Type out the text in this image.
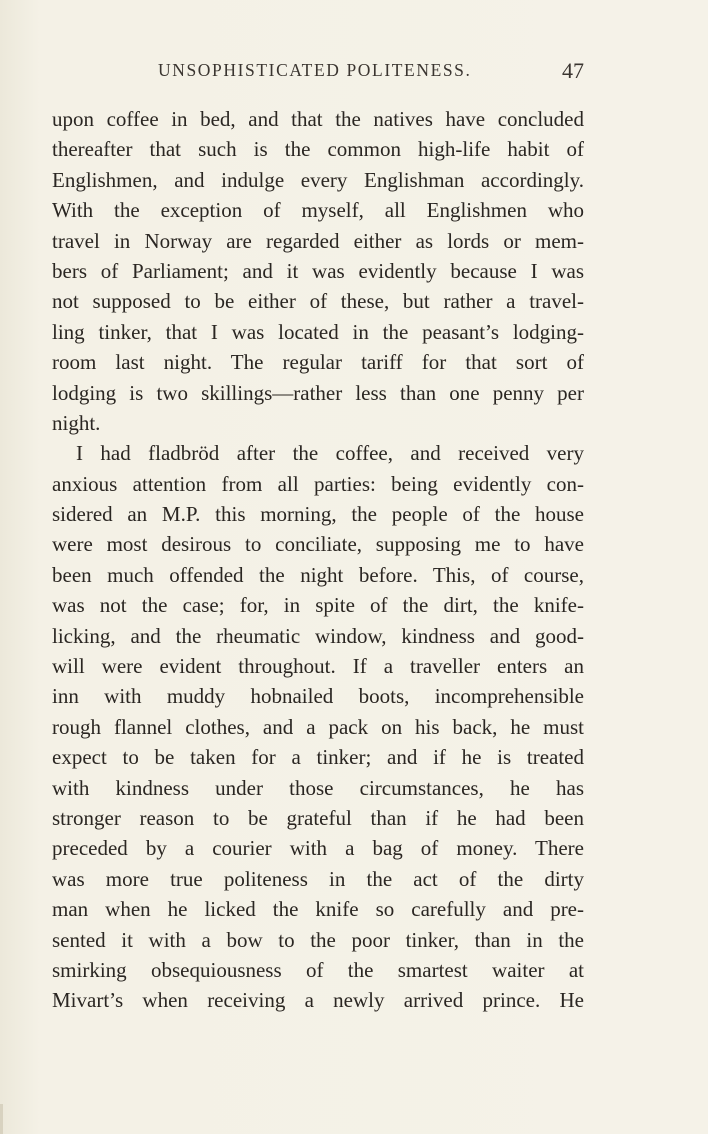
UNSOPHISTICATED POLITENESS.	47
upon coffee in bed, and that the natives have concluded
thereafter that such is the common high-life habit of
Englishmen, and indulge every Englishman accordingly.
With the exception of myself, all Englishmen who
travel in Norway are regarded either as lords or mem-
bers of Parliament; and it was evidently because I was
not supposed to be either of these, but rather a travel-
ling tinker, that I was located in the peasant’s lodging-
room last night. The regular tariff for that sort of
lodging is two skillings—rather less than one penny per
night.
I had fladbröd after the coffee, and received very
anxious attention from all parties: being evidently con-
sidered an M.P. this morning, the people of the house
were most desirous to conciliate, supposing me to have
been much offended the night before. This, of course,
was not the case; for, in spite of the dirt, the knife-
licking, and the rheumatic window, kindness and good-
will were evident throughout. If a traveller enters an
inn with muddy hobnailed boots, incomprehensible
rough flannel clothes, and a pack on his back, he must
expect to be taken for a tinker; and if he is treated
with kindness under those circumstances, he has
stronger reason to be grateful than if he had been
preceded by a courier with a bag of money. There
was more true politeness in the act of the dirty
man when he licked the knife so carefully and pre-
sented it with a bow to the poor tinker, than in the
smirking obsequiousness of the smartest waiter at
Mivart’s when receiving a newly arrived prince. He
